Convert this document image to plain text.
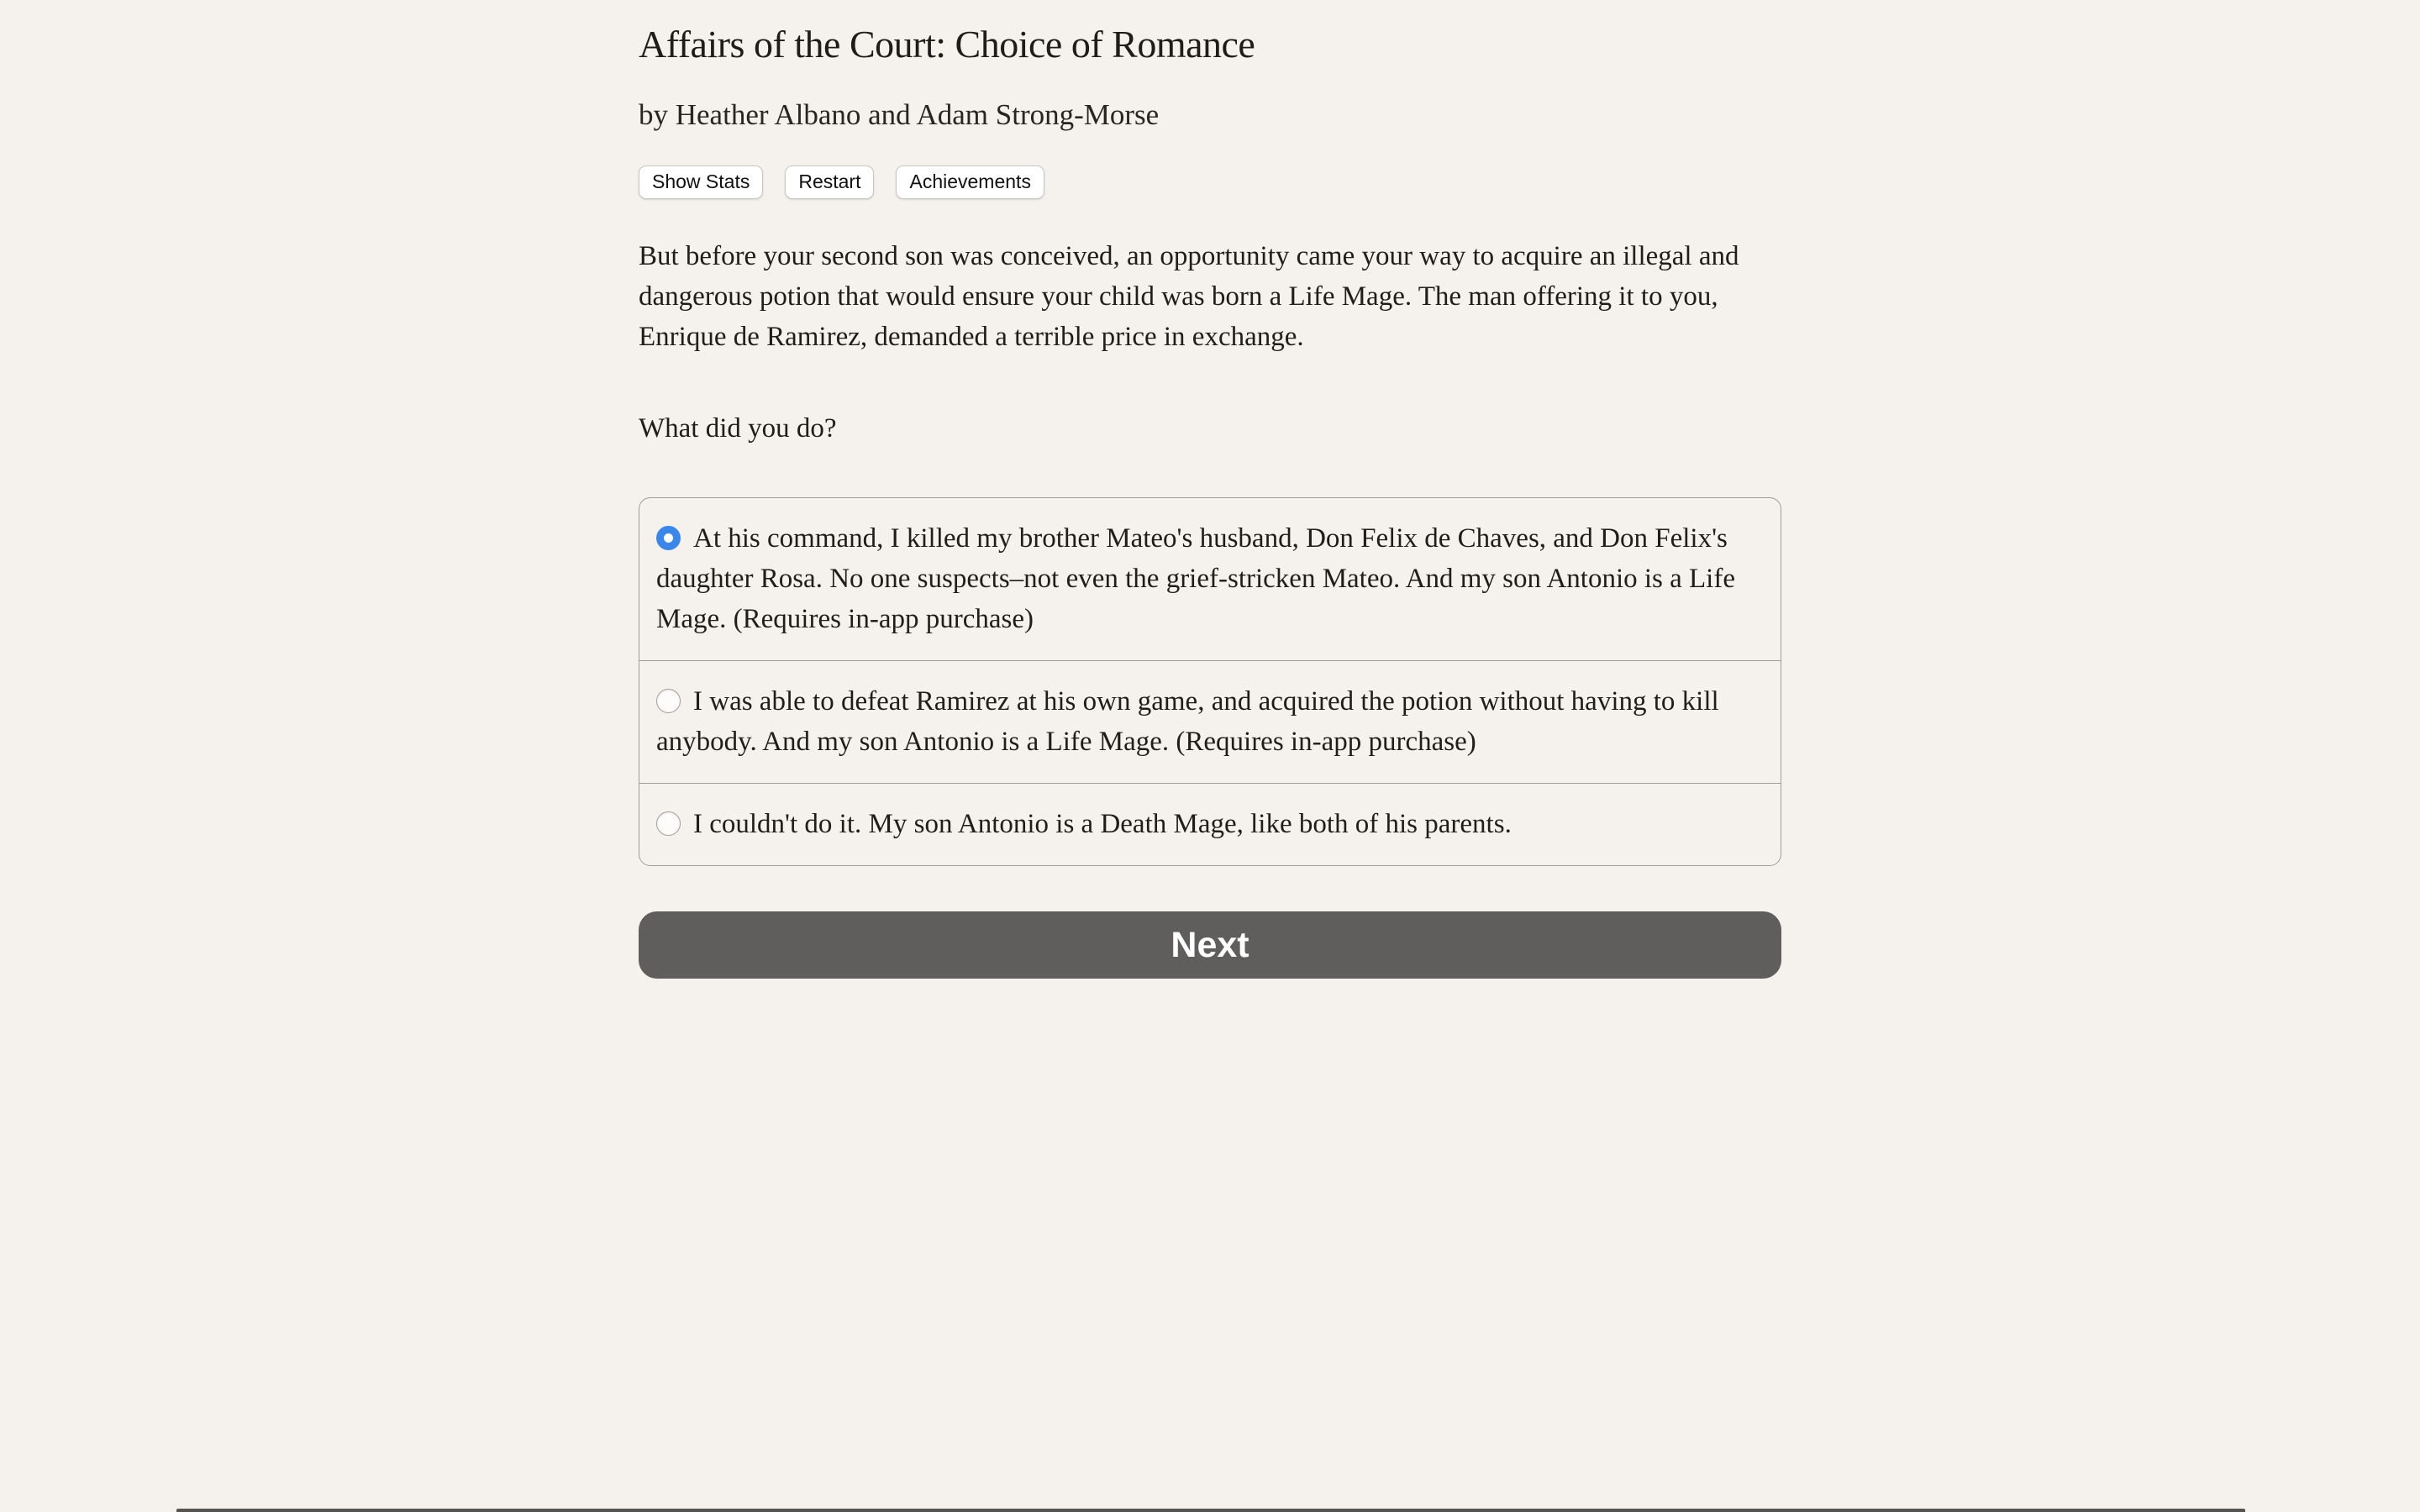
Affairs of the Court: Choice of Romance
by Heather Albano and Adam Strong-Morse
Show Stats	Restart	Achievements

But before your second son was conceived, an opportunity came your way to acquire an illegal and dangerous potion that would ensure your child was born a Life Mage. The man offering it to you, Enrique de Ramirez, demanded a terrible price in exchange.

What did you do?

At his command, I killed my brother Mateo's husband, Don Felix de Chaves, and Don Felix's daughter Rosa. No one suspects–not even the grief-stricken Mateo. And my son Antonio is a Life Mage. (Requires in-app purchase)
I was able to defeat Ramirez at his own game, and acquired the potion without having to kill anybody. And my son Antonio is a Life Mage. (Requires in-app purchase)
I couldn't do it. My son Antonio is a Death Mage, like both of his parents.
Next
